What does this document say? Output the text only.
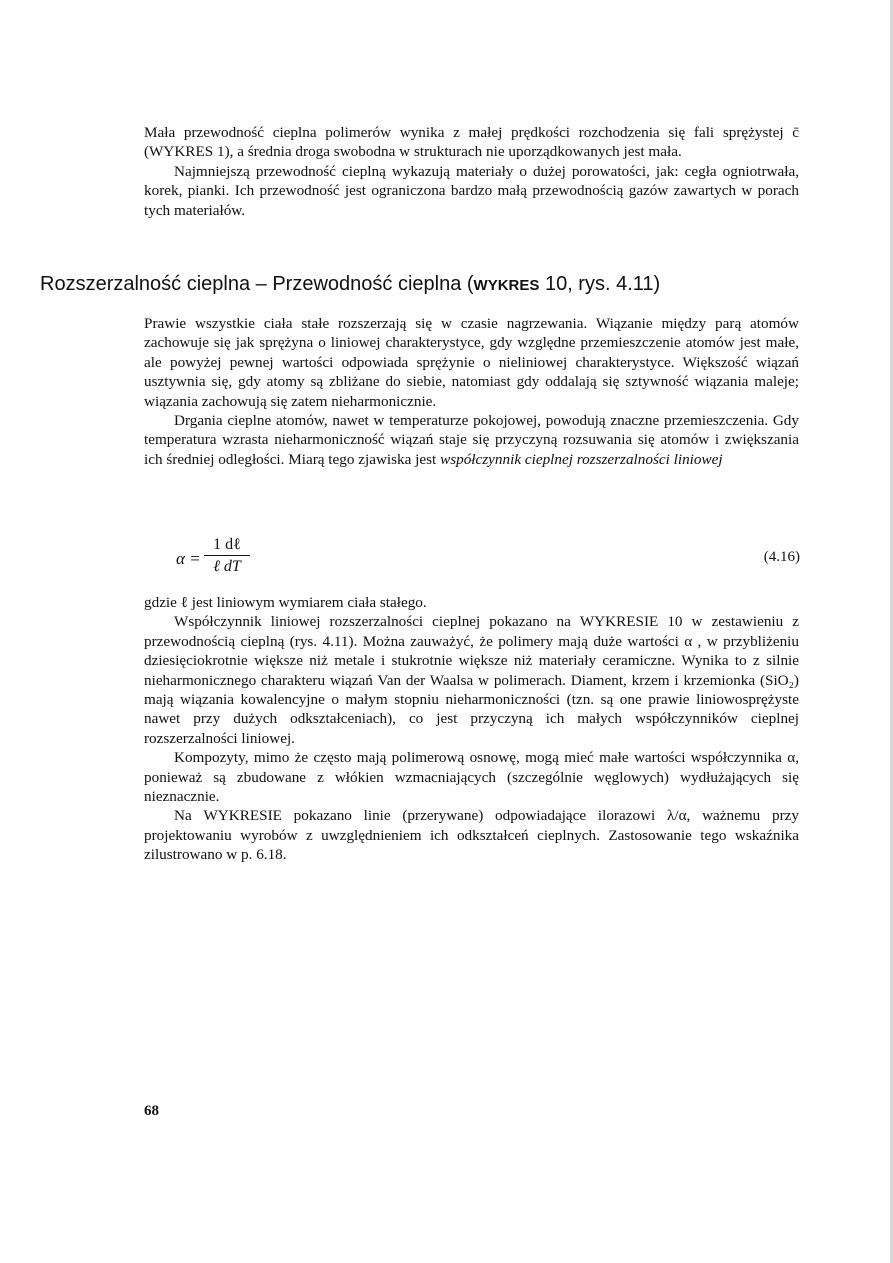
Mała przewodność cieplna polimerów wynika z małej prędkości rozchodzenia się fali sprężystej c̄ (WYKRES 1), a średnia droga swobodna w strukturach nie uporządkowanych jest mała.

Najmniejszą przewodność cieplną wykazują materiały o dużej porowatości, jak: cegła ogniotrwała, korek, pianki. Ich przewodność jest ograniczona bardzo małą przewodnością gazów zawartych w porach tych materiałów.

Rozszerzalność cieplna – Przewodność cieplna (WYKRES 10, rys. 4.11)

Prawie wszystkie ciała stałe rozszerzają się w czasie nagrzewania. Wiązanie między parą atomów zachowuje się jak sprężyna o liniowej charakterystyce, gdy względne przemieszczenie atomów jest małe, ale powyżej pewnej wartości odpowiada sprężynie o nieliniowej charakterystyce. Większość wiązań usztywnia się, gdy atomy są zbliżane do siebie, natomiast gdy oddalają się sztywność wiązania maleje; wiązania zachowują się zatem nieharmonicznie.

Drgania cieplne atomów, nawet w temperaturze pokojowej, powodują znaczne przemieszczenia. Gdy temperatura wzrasta nieharmoniczność wiązań staje się przyczyną rozsuwania się atomów i zwiększania ich średniej odległości. Miarą tego zjawiska jest współczynnik cieplnej rozszerzalności liniowej

α =
1 dℓ
ℓ dT
(4.16)

gdzie ℓ jest liniowym wymiarem ciała stałego.

Współczynnik liniowej rozszerzalności cieplnej pokazano na WYKRESIE 10 w zestawieniu z przewodnością cieplną (rys. 4.11). Można zauważyć, że polimery mają duże wartości α , w przybliżeniu dziesięciokrotnie większe niż metale i stukrotnie większe niż materiały ceramiczne. Wynika to z silnie nieharmonicznego charakteru wiązań Van der Waalsa w polimerach. Diament, krzem i krzemionka (SiO₂) mają wiązania kowalencyjne o małym stopniu nieharmoniczności (tzn. są one prawie liniowosprężyste nawet przy dużych odkształceniach), co jest przyczyną ich małych współczynników cieplnej rozszerzalności liniowej.

Kompozyty, mimo że często mają polimerową osnowę, mogą mieć małe wartości współczynnika α, ponieważ są zbudowane z włókien wzmacniających (szczególnie węglowych) wydłużających się nieznacznie.

Na WYKRESIE pokazano linie (przerywane) odpowiadające ilorazowi λ/α, ważnemu przy projektowaniu wyrobów z uwzględnieniem ich odkształceń cieplnych. Zastosowanie tego wskaźnika zilustrowano w p. 6.18.

68
